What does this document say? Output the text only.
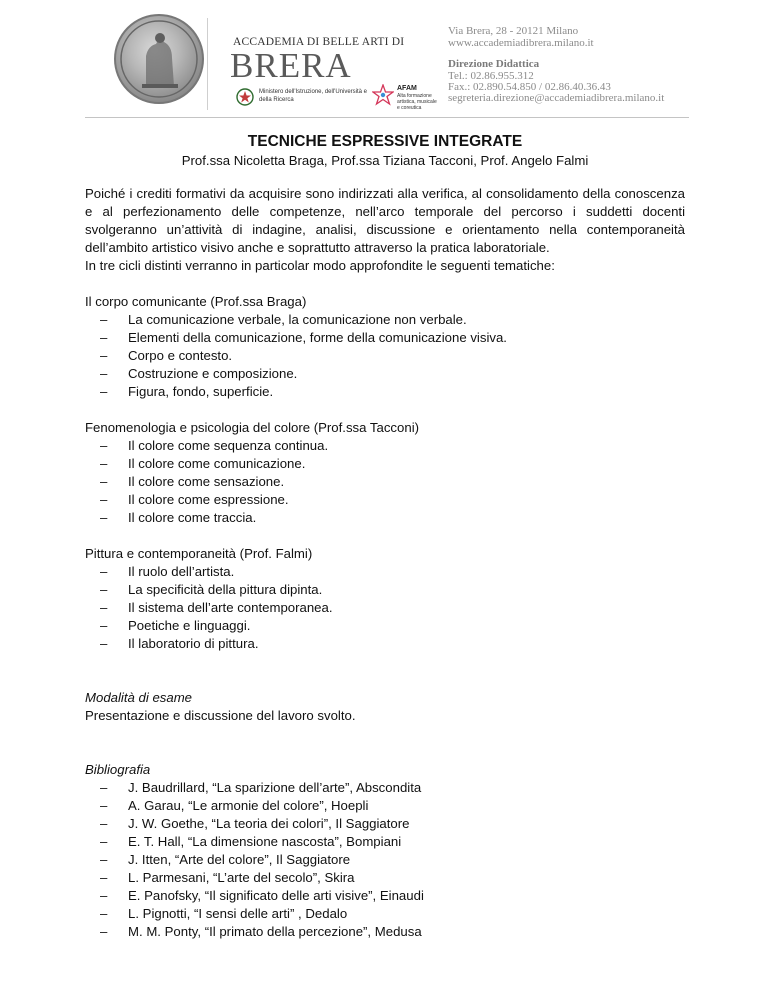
ACCADEMIA DI BELLE ARTI DI
BRERA
Ministero dell'Istruzione, dell'Università e della Ricerca
AFAM
Alta formazione artistica, musicale e coreutica
Via Brera, 28 - 20121 Milano
www.accademiadibrera.milano.it
Direzione Didattica
Tel.: 02.86.955.312
Fax.: 02.890.54.850 / 02.86.40.36.43
segreteria.direzione@accademiadibrera.milano.it
TECNICHE ESPRESSIVE INTEGRATE
Prof.ssa Nicoletta Braga, Prof.ssa Tiziana Tacconi, Prof. Angelo Falmi
Poiché i crediti formativi da acquisire sono indirizzati alla verifica, al consolidamento della conoscenza e al perfezionamento delle competenze, nell’arco temporale del percorso i suddetti docenti svolgeranno un’attività di indagine, analisi, discussione e orientamento nella contemporaneità dell’ambito artistico visivo anche e soprattutto attraverso la pratica laboratoriale.
In tre cicli distinti verranno in particolar modo approfondite le seguenti tematiche:
Il corpo comunicante (Prof.ssa Braga)
– La comunicazione verbale, la comunicazione non verbale.
– Elementi della comunicazione, forme della comunicazione visiva.
– Corpo e contesto.
– Costruzione e composizione.
– Figura, fondo, superficie.
Fenomenologia e psicologia del colore (Prof.ssa Tacconi)
– Il colore come sequenza continua.
– Il colore come comunicazione.
– Il colore come sensazione.
– Il colore come espressione.
– Il colore come traccia.
Pittura e contemporaneità (Prof. Falmi)
– Il ruolo dell’artista.
– La specificità della pittura dipinta.
– Il sistema dell’arte contemporanea.
– Poetiche e linguaggi.
– Il laboratorio di pittura.
Modalità di esame
Presentazione e discussione del lavoro svolto.
Bibliografia
– J. Baudrillard, “La sparizione dell’arte”, Abscondita
– A. Garau, “Le armonie del colore”, Hoepli
– J. W. Goethe, “La teoria dei colori”, Il Saggiatore
– E. T. Hall, “La dimensione nascosta”, Bompiani
– J. Itten, “Arte del colore”, Il Saggiatore
– L. Parmesani, “L’arte del secolo”, Skira
– E. Panofsky, “Il significato delle arti visive”, Einaudi
– L. Pignotti, “I sensi delle arti” , Dedalo
– M. M. Ponty, “Il primato della percezione”, Medusa
